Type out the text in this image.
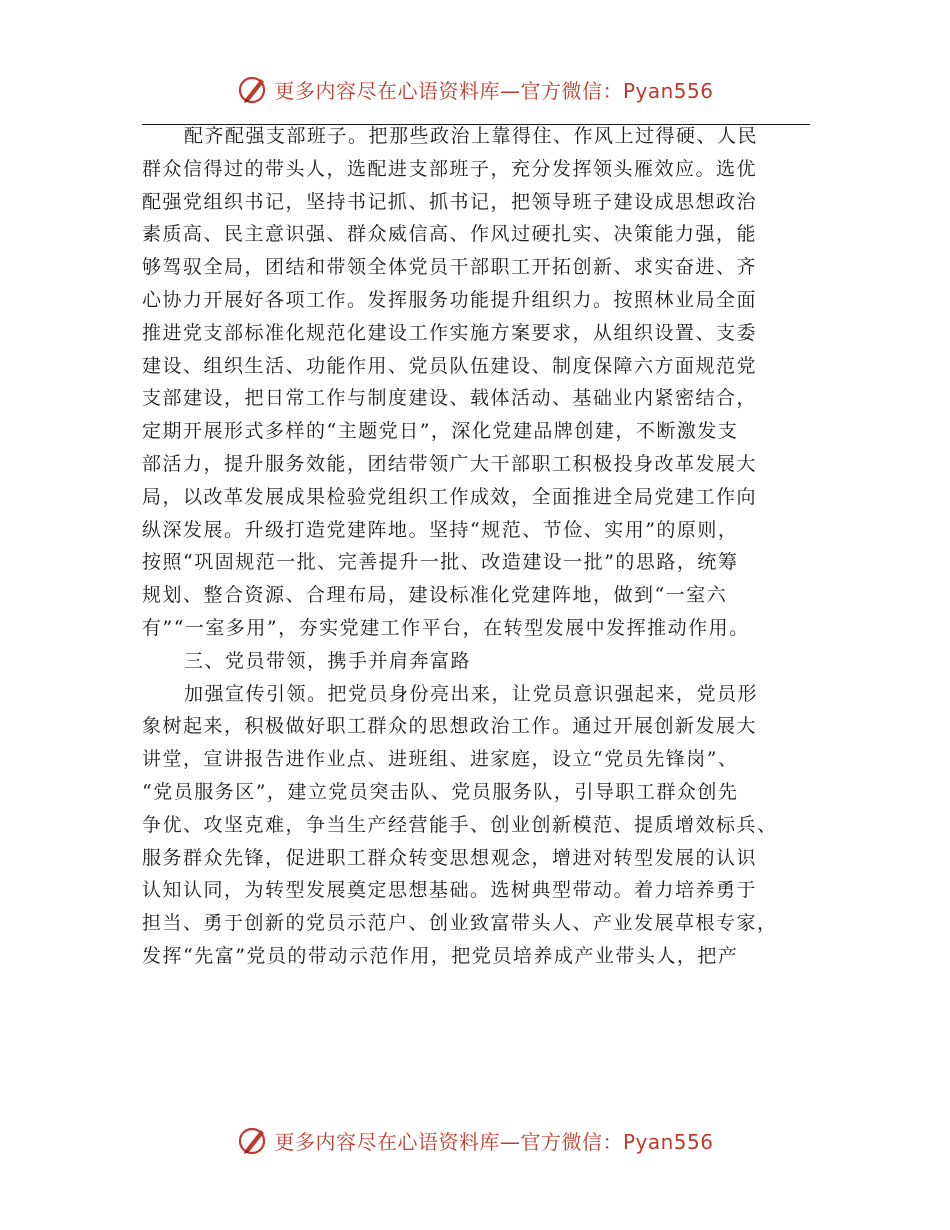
更多内容尽在心语资料库—官方微信：Pyan556
配齐配强支部班子。把那些政治上靠得住、作风上过得硬、人民
群众信得过的带头人，选配进支部班子，充分发挥领头雁效应。选优
配强党组织书记，坚持书记抓、抓书记，把领导班子建设成思想政治
素质高、民主意识强、群众威信高、作风过硬扎实、决策能力强，能
够驾驭全局，团结和带领全体党员干部职工开拓创新、求实奋进、齐
心协力开展好各项工作。发挥服务功能提升组织力。按照林业局全面
推进党支部标准化规范化建设工作实施方案要求，从组织设置、支委
建设、组织生活、功能作用、党员队伍建设、制度保障六方面规范党
支部建设，把日常工作与制度建设、载体活动、基础业内紧密结合，
定期开展形式多样的“主题党日”，深化党建品牌创建，不断激发支
部活力，提升服务效能，团结带领广大干部职工积极投身改革发展大
局，以改革发展成果检验党组织工作成效，全面推进全局党建工作向
纵深发展。升级打造党建阵地。坚持“规范、节俭、实用”的原则，
按照“巩固规范一批、完善提升一批、改造建设一批”的思路，统筹
规划、整合资源、合理布局，建设标准化党建阵地，做到“一室六
有”“一室多用”，夯实党建工作平台，在转型发展中发挥推动作用。
三、党员带领，携手并肩奔富路
加强宣传引领。把党员身份亮出来，让党员意识强起来，党员形
象树起来，积极做好职工群众的思想政治工作。通过开展创新发展大
讲堂，宣讲报告进作业点、进班组、进家庭，设立“党员先锋岗”、
“党员服务区”，建立党员突击队、党员服务队，引导职工群众创先
争优、攻坚克难，争当生产经营能手、创业创新模范、提质增效标兵、
服务群众先锋，促进职工群众转变思想观念，增进对转型发展的认识
认知认同，为转型发展奠定思想基础。选树典型带动。着力培养勇于
担当、勇于创新的党员示范户、创业致富带头人、产业发展草根专家，
发挥“先富”党员的带动示范作用，把党员培养成产业带头人，把产
更多内容尽在心语资料库—官方微信：Pyan556
